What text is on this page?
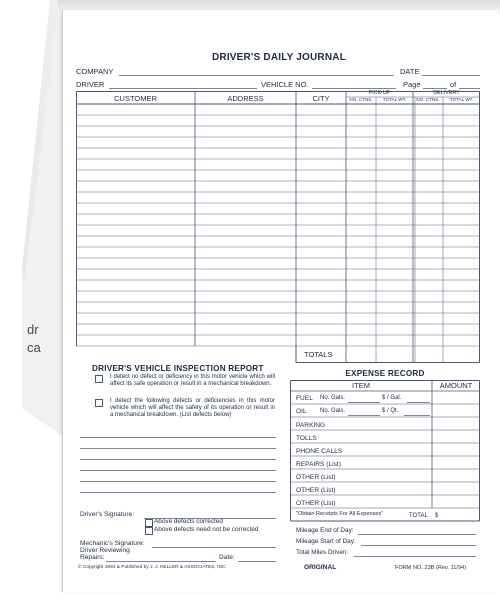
dr
ca
DRIVER'S DAILY JOURNAL
COMPANY	DATE
DRIVER	VEHICLE NO.	Page	of
CUSTOMER	ADDRESS	CITY
PICK-UP	DELIVERY
NO. CTNS.	TOTAL WT.	NO. CTNS.	TOTAL WT.
TOTALS
DRIVER'S VEHICLE INSPECTION REPORT
I detect no defect or deficiency in this motor vehicle which will affect its safe operation or result in a mechanical breakdown.
I detect the following defects or deficiencies in this motor vehicle which will affect the safety of its operation or result in a mechanical breakdown. (List defects below)
Driver's Signature:
Above defects corrected
Above defects need not be corrected
Mechanic's Signature:
Driver Reviewing
Repairs:	Date:
EXPENSE RECORD
ITEM	AMOUNT
FUEL No. Gals.	$ / Gal.
OIL No. Gals.	$ / Qt.
PARKING
TOLLS
PHONE CALLS
REPAIRS (List)
OTHER (List)
OTHER (List)
OTHER (List)
"Obtain Receipts For All Expenses"	TOTAL $
Mileage End of Day:
Mileage Start of Day:
Total Miles Driven:
© Copyright 1994 & Published by J. J. KELLER & ASSOCIATES, INC.	ORIGINAL	FORM NO. 23B (Rev. 11/94)
